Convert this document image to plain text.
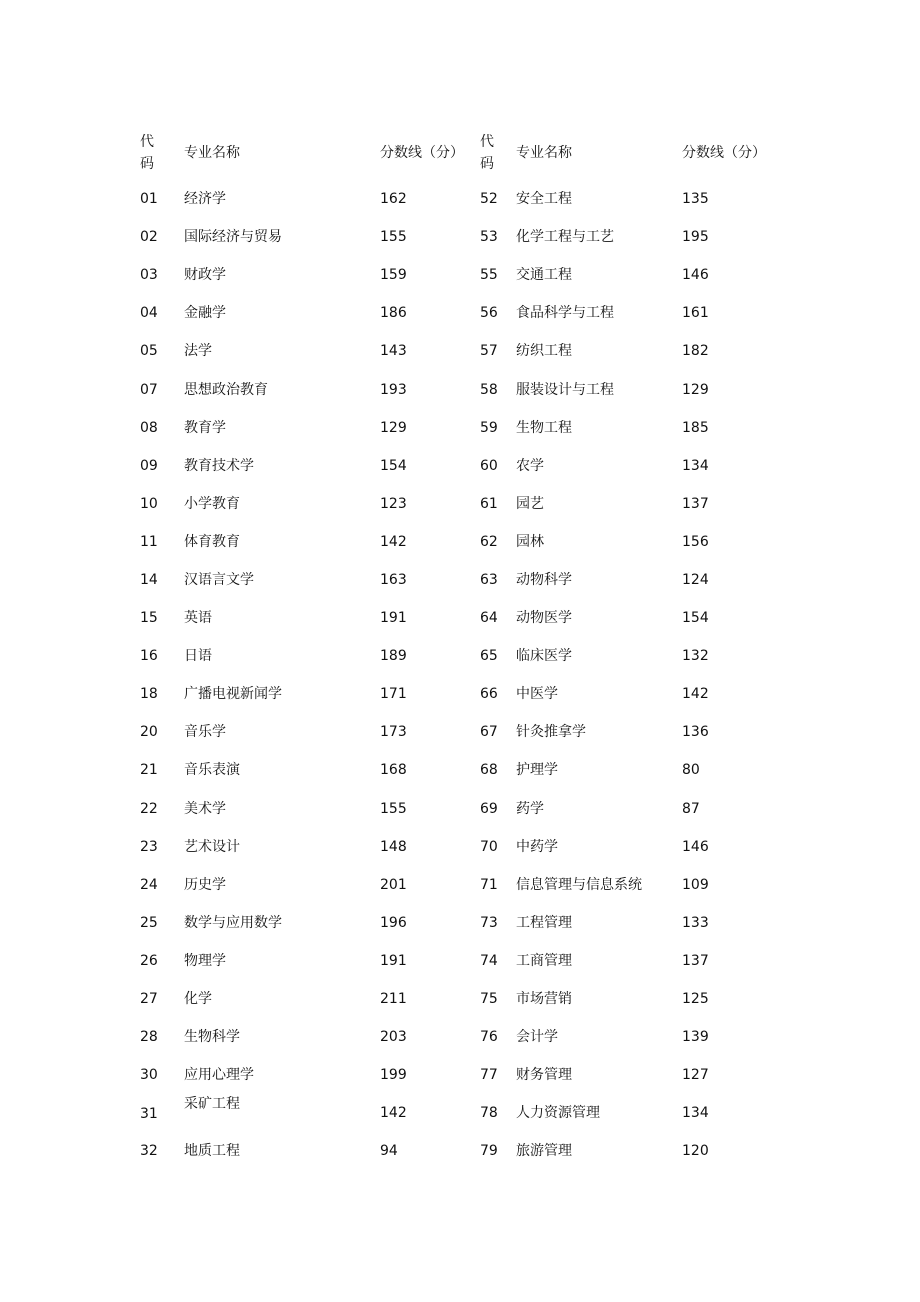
代码	专业名称	分数线（分）	代码	专业名称	分数线（分）
01	经济学	162	52	安全工程	135
02	国际经济与贸易	155	53	化学工程与工艺	195
03	财政学	159	55	交通工程	146
04	金融学	186	56	食品科学与工程	161
05	法学	143	57	纺织工程	182
07	思想政治教育	193	58	服装设计与工程	129
08	教育学	129	59	生物工程	185
09	教育技术学	154	60	农学	134
10	小学教育	123	61	园艺	137
11	体育教育	142	62	园林	156
14	汉语言文学	163	63	动物科学	124
15	英语	191	64	动物医学	154
16	日语	189	65	临床医学	132
18	广播电视新闻学	171	66	中医学	142
20	音乐学	173	67	针灸推拿学	136
21	音乐表演	168	68	护理学	80
22	美术学	155	69	药学	87
23	艺术设计	148	70	中药学	146
24	历史学	201	71	信息管理与信息系统	109
25	数学与应用数学	196	73	工程管理	133
26	物理学	191	74	工商管理	137
27	化学	211	75	市场营销	125
28	生物科学	203	76	会计学	139
30	应用心理学	199	77	财务管理	127
31	采矿工程	142	78	人力资源管理	134
32	地质工程	94	79	旅游管理	120
